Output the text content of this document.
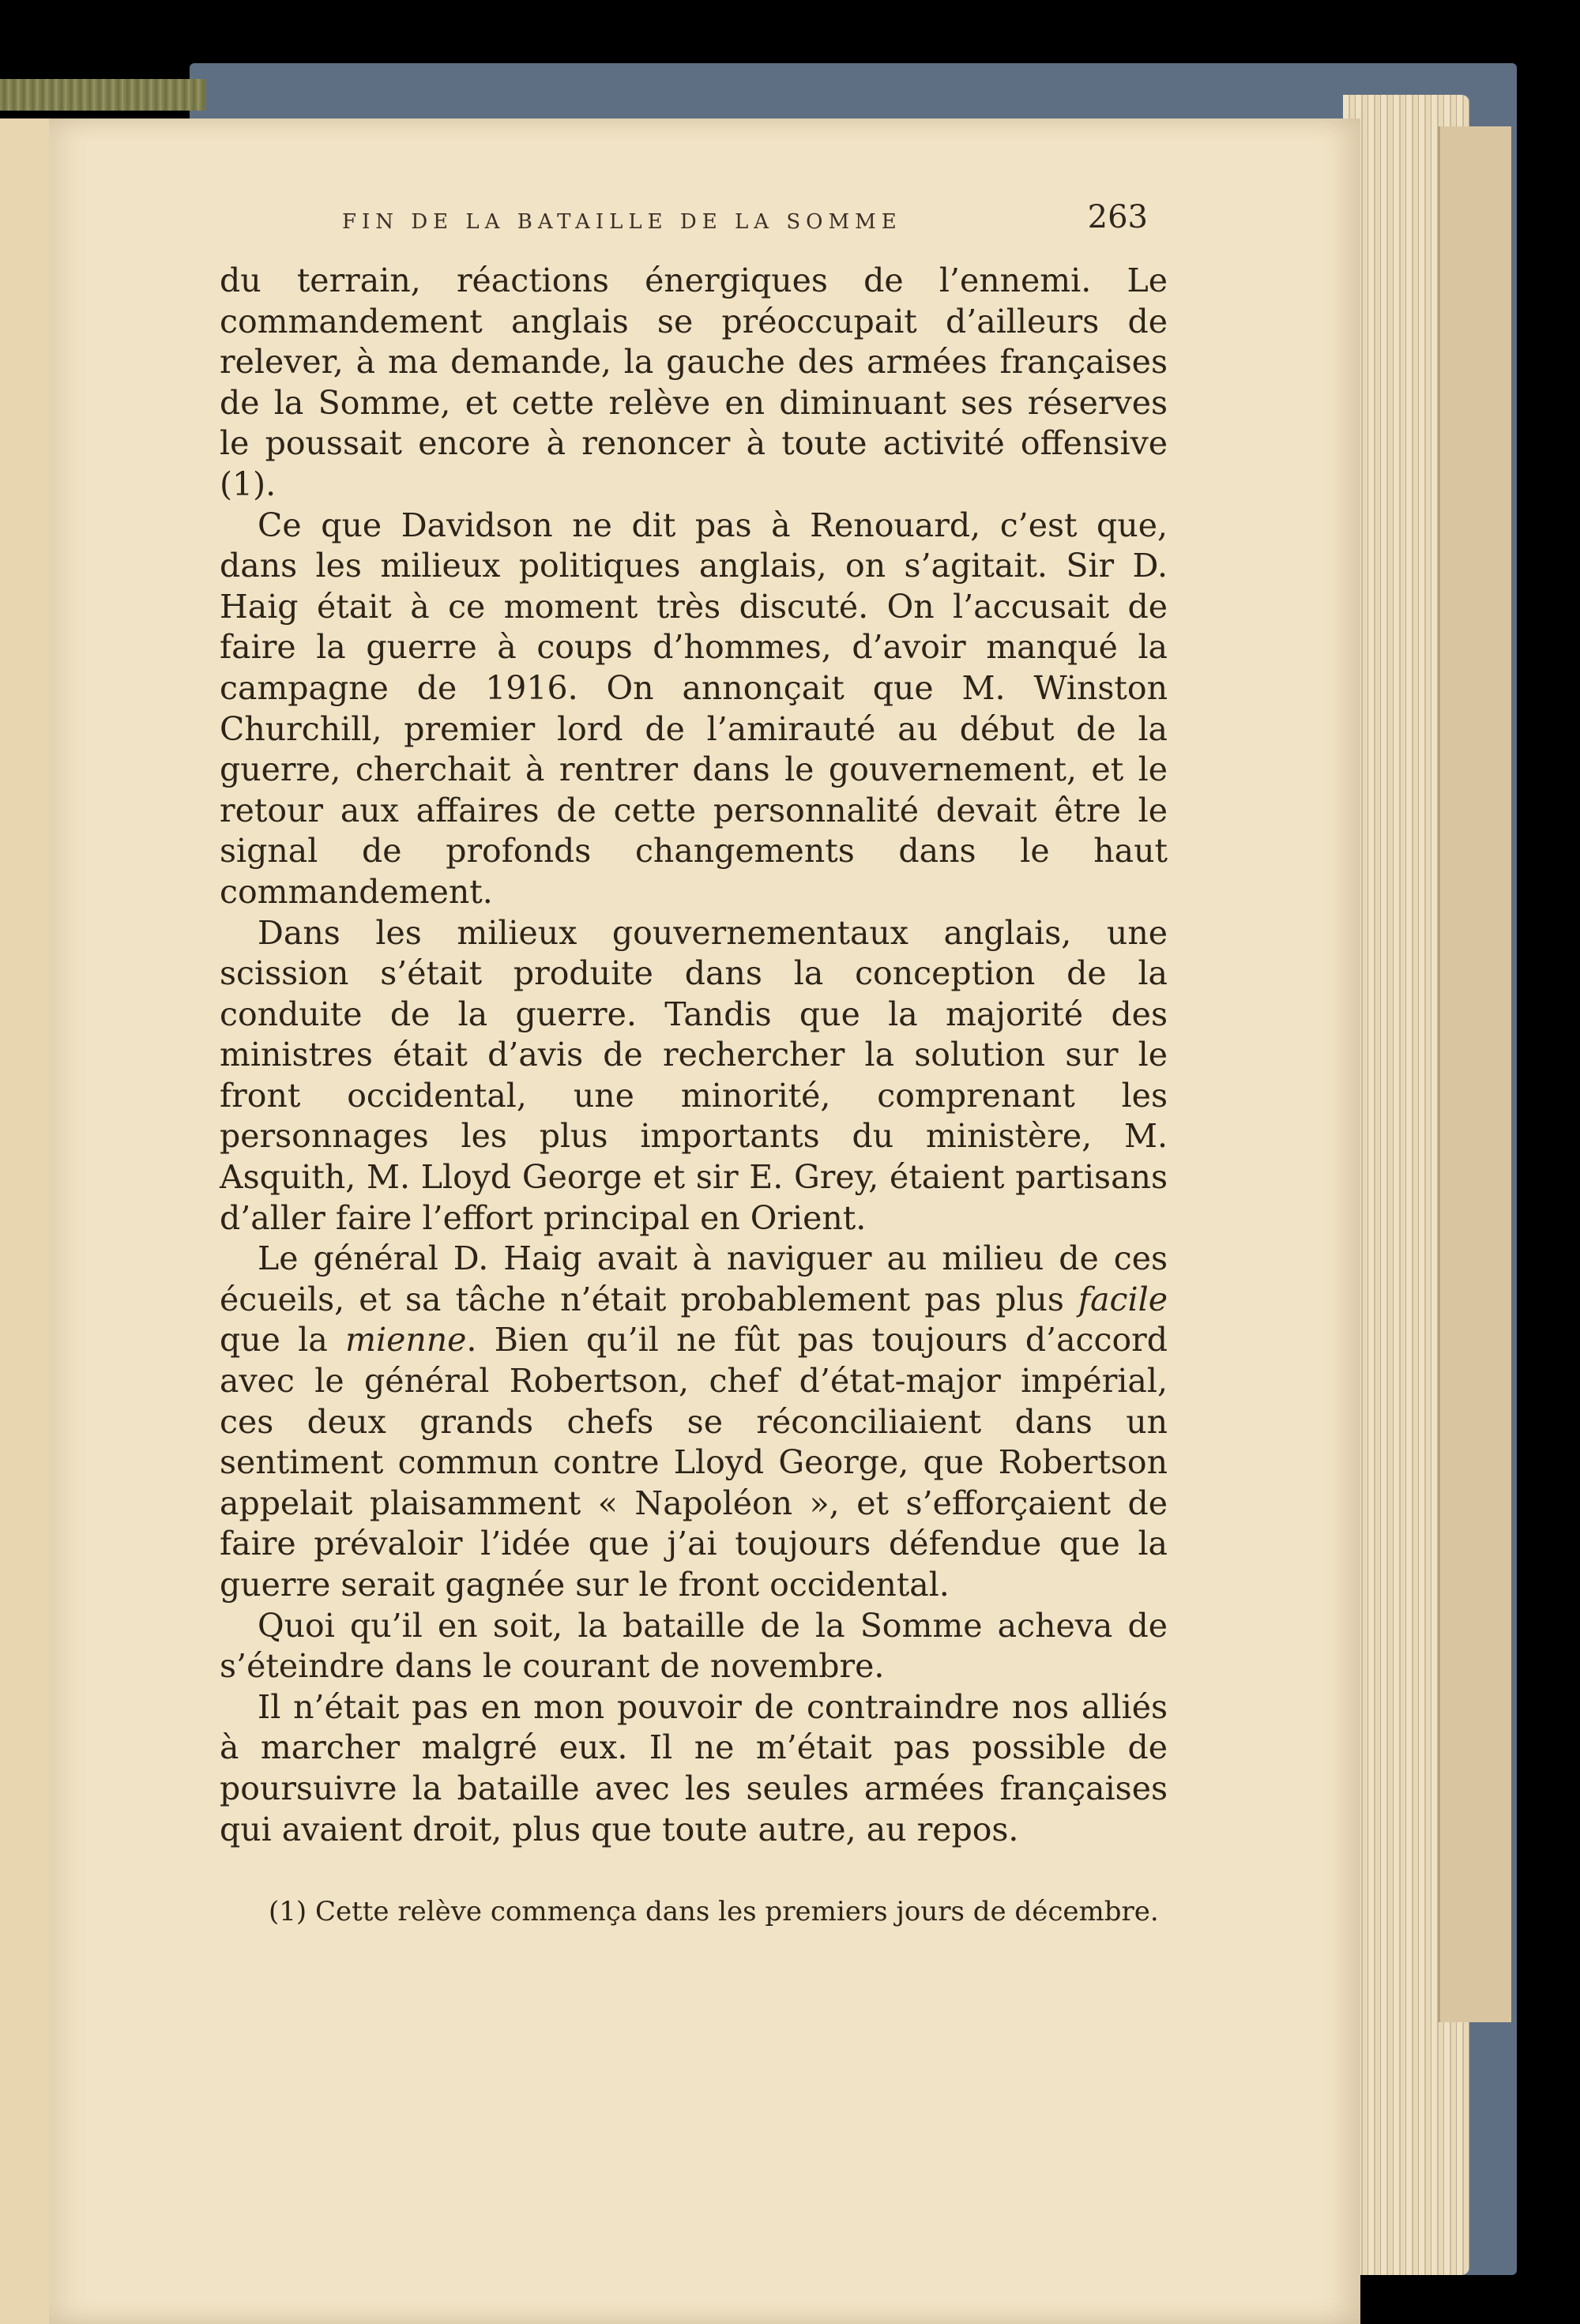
FIN DE LA BATAILLE DE LA SOMME	263

du terrain, réactions énergiques de l’ennemi. Le commandement anglais se préoccupait d’ailleurs de relever, à ma demande, la gauche des armées françaises de la Somme, et cette relève en diminuant ses réserves le poussait encore à renoncer à toute activité offensive (1).

Ce que Davidson ne dit pas à Renouard, c’est que, dans les milieux politiques anglais, on s’agitait. Sir D. Haig était à ce moment très discuté. On l’accusait de faire la guerre à coups d’hommes, d’avoir manqué la campagne de 1916. On annonçait que M. Winston Churchill, premier lord de l’amirauté au début de la guerre, cherchait à rentrer dans le gouvernement, et le retour aux affaires de cette personnalité devait être le signal de profonds changements dans le haut commandement.

Dans les milieux gouvernementaux anglais, une scission s’était produite dans la conception de la conduite de la guerre. Tandis que la majorité des ministres était d’avis de rechercher la solution sur le front occidental, une minorité, comprenant les personnages les plus importants du ministère, M. Asquith, M. Lloyd George et sir E. Grey, étaient partisans d’aller faire l’effort principal en Orient.

Le général D. Haig avait à naviguer au milieu de ces écueils, et sa tâche n’était probablement pas plus facile que la mienne. Bien qu’il ne fût pas toujours d’accord avec le général Robertson, chef d’état-major impérial, ces deux grands chefs se réconciliaient dans un sentiment commun contre Lloyd George, que Robertson appelait plaisamment « Napoléon », et s’efforçaient de faire prévaloir l’idée que j’ai toujours défendue que la guerre serait gagnée sur le front occidental.

Quoi qu’il en soit, la bataille de la Somme acheva de s’éteindre dans le courant de novembre.

Il n’était pas en mon pouvoir de contraindre nos alliés à marcher malgré eux. Il ne m’était pas possible de poursuivre la bataille avec les seules armées françaises qui avaient droit, plus que toute autre, au repos.

(1) Cette relève commença dans les premiers jours de décembre.
